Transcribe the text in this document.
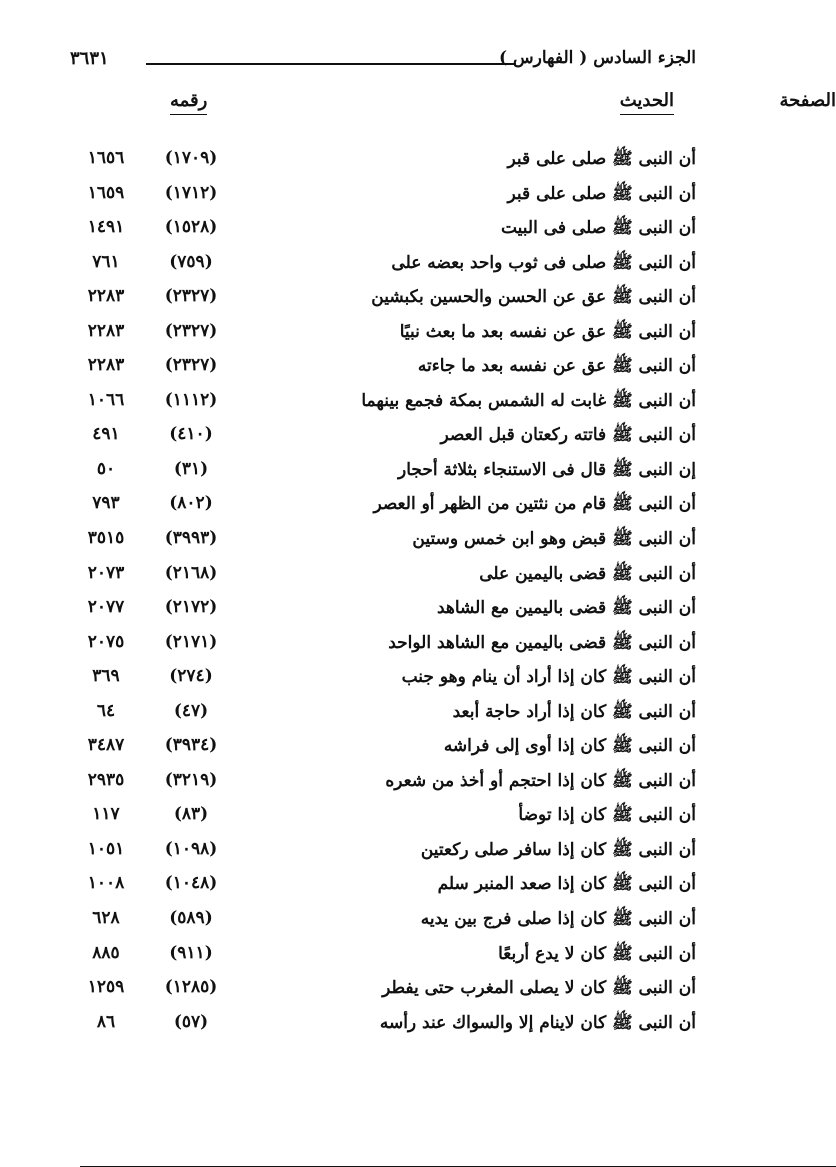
الجزء السادس ( الفهارس )
٣٦٣١
الحديث
رقمه	الصفحة
أن النبى ﷺ صلى على قبر
(١٧٠٩)
١٦٥٦
أن النبى ﷺ صلى على قبر
(١٧١٢)
١٦٥٩
أن النبى ﷺ صلى فى البيت
(١٥٢٨)
١٤٩١
أن النبى ﷺ صلى فى ثوب واحد بعضه على
(٧٥٩)
٧٦١
أن النبى ﷺ عق عن الحسن والحسين بكبشين
(٢٣٢٧)
٢٢٨٣
أن النبى ﷺ عق عن نفسه بعد ما بعث نبيًا
(٢٣٢٧)
٢٢٨٣
أن النبى ﷺ عق عن نفسه بعد ما جاءته
(٢٣٢٧)
٢٢٨٣
أن النبى ﷺ غابت له الشمس بمكة فجمع بينهما
(١١١٢)
١٠٦٦
أن النبى ﷺ فاتته ركعتان قبل العصر
(٤١٠)
٤٩١
إن النبى ﷺ قال فى الاستنجاء بثلاثة أحجار
(٣١)
٥٠
أن النبى ﷺ قام من نثتين من الظهر أو العصر
(٨٠٢)
٧٩٣
أن النبى ﷺ قبض وهو ابن خمس وستين
(٣٩٩٣)
٣٥١٥
أن النبى ﷺ قضى باليمين على
(٢١٦٨)
٢٠٧٣
أن النبى ﷺ قضى باليمين مع الشاهد
(٢١٧٢)
٢٠٧٧
أن النبى ﷺ قضى باليمين مع الشاهد الواحد
(٢١٧١)
٢٠٧٥
أن النبى ﷺ كان إذا أراد أن ينام وهو جنب
(٢٧٤)
٣٦٩
أن النبى ﷺ كان إذا أراد حاجة أبعد
(٤٧)
٦٤
أن النبى ﷺ كان إذا أوى إلى فراشه
(٣٩٣٤)
٣٤٨٧
أن النبى ﷺ كان إذا احتجم أو أخذ من شعره
(٣٢١٩)
٢٩٣٥
أن النبى ﷺ كان إذا توضأ
(٨٣)
١١٧
أن النبى ﷺ كان إذا سافر صلى ركعتين
(١٠٩٨)
١٠٥١
أن النبى ﷺ كان إذا صعد المنبر سلم
(١٠٤٨)
١٠٠٨
أن النبى ﷺ كان إذا صلى فرج بين يديه
(٥٨٩)
٦٢٨
أن النبى ﷺ كان لا يدع أربعًا
(٩١١)
٨٨٥
أن النبى ﷺ كان لا يصلى المغرب حتى يفطر
(١٢٨٥)
١٢٥٩
أن النبى ﷺ كان لاينام إلا والسواك عند رأسه
(٥٧)
٨٦
